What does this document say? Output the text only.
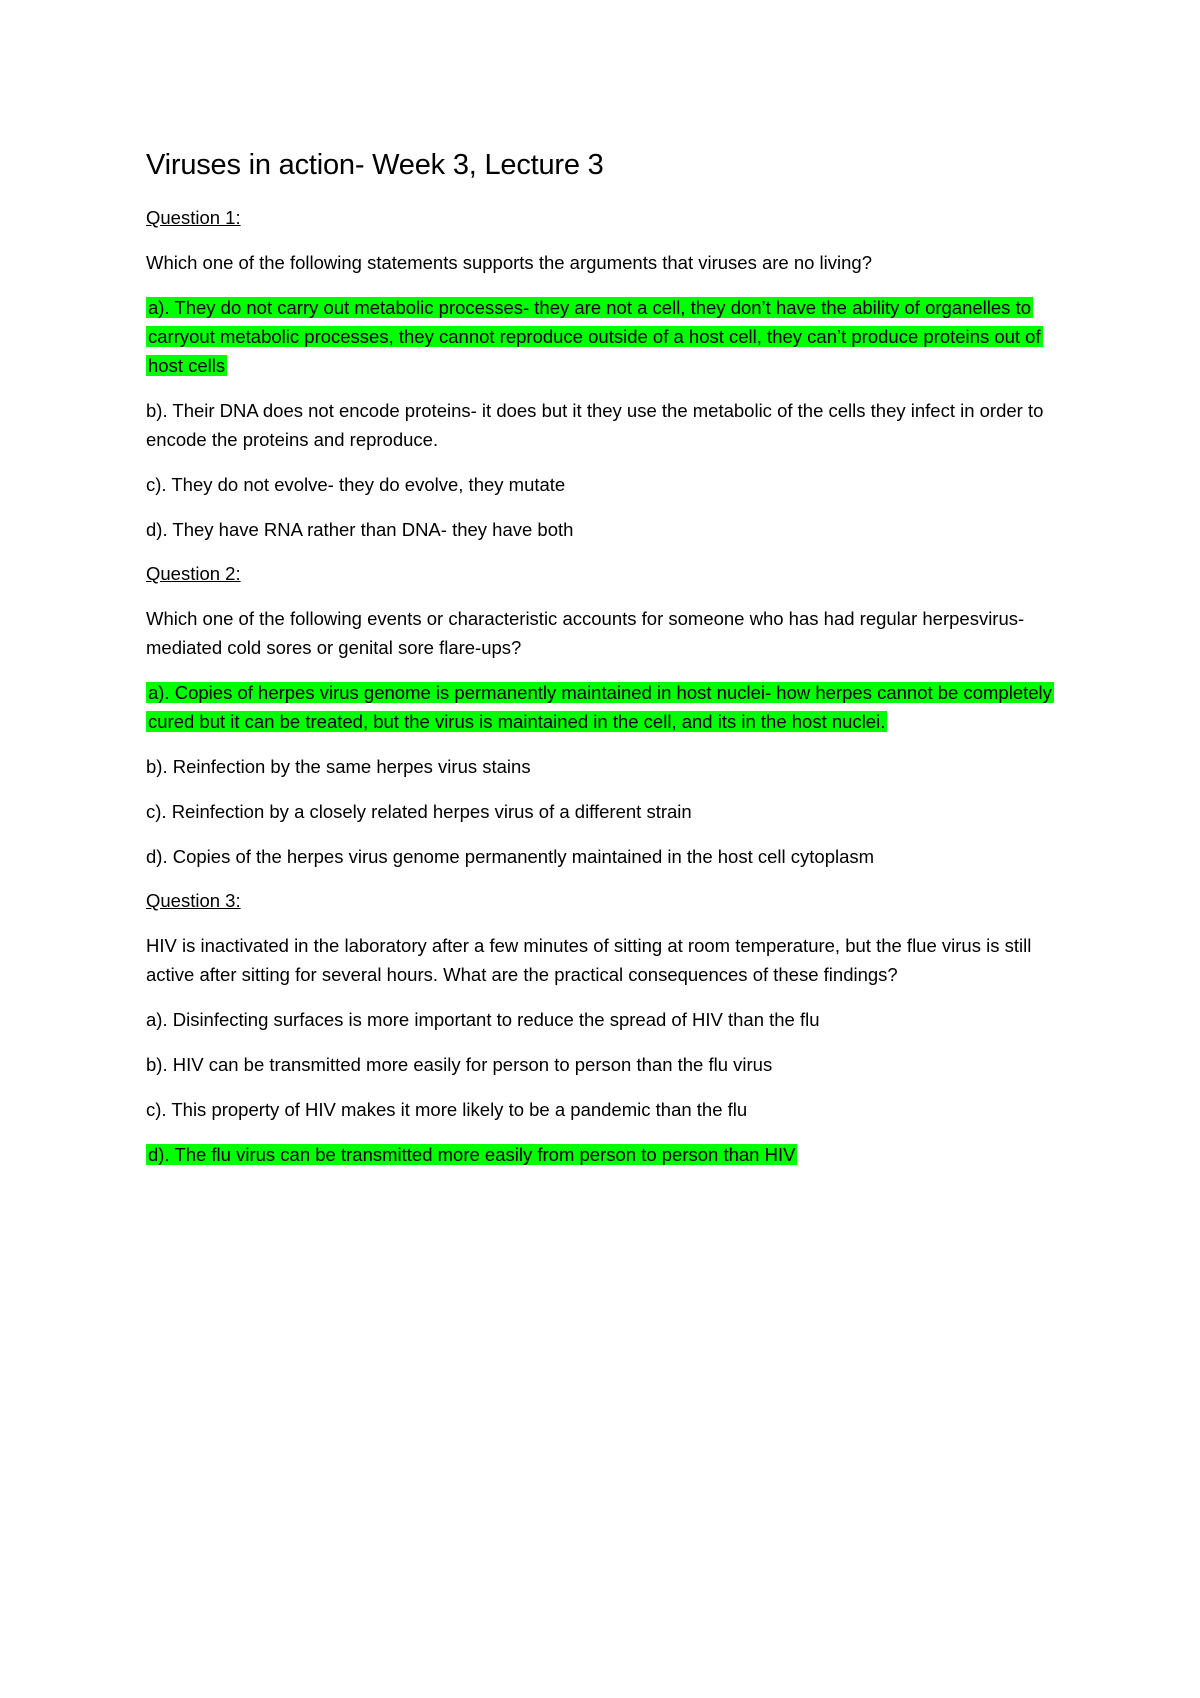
Viruses in action- Week 3, Lecture 3
Question 1:
Which one of the following statements supports the arguments that viruses are no living?
a). They do not carry out metabolic processes- they are not a cell, they don’t have the ability of organelles to carryout metabolic processes, they cannot reproduce outside of a host cell, they can’t produce proteins out of host cells
b). Their DNA does not encode proteins- it does but it they use the metabolic of the cells they infect in order to encode the proteins and reproduce.
c). They do not evolve- they do evolve, they mutate
d). They have RNA rather than DNA- they have both
Question 2:
Which one of the following events or characteristic accounts for someone who has had regular herpesvirus-mediated cold sores or genital sore flare-ups?
a). Copies of herpes virus genome is permanently maintained in host nuclei- how herpes cannot be completely cured but it can be treated, but the virus is maintained in the cell, and its in the host nuclei.
b). Reinfection by the same herpes virus stains
c). Reinfection by a closely related herpes virus of a different strain
d). Copies of the herpes virus genome permanently maintained in the host cell cytoplasm
Question 3:
HIV is inactivated in the laboratory after a few minutes of sitting at room temperature, but the flue virus is still active after sitting for several hours. What are the practical consequences of these findings?
a). Disinfecting surfaces is more important to reduce the spread of HIV than the flu
b). HIV can be transmitted more easily for person to person than the flu virus
c). This property of HIV makes it more likely to be a pandemic than the flu
d). The flu virus can be transmitted more easily from person to person than HIV
